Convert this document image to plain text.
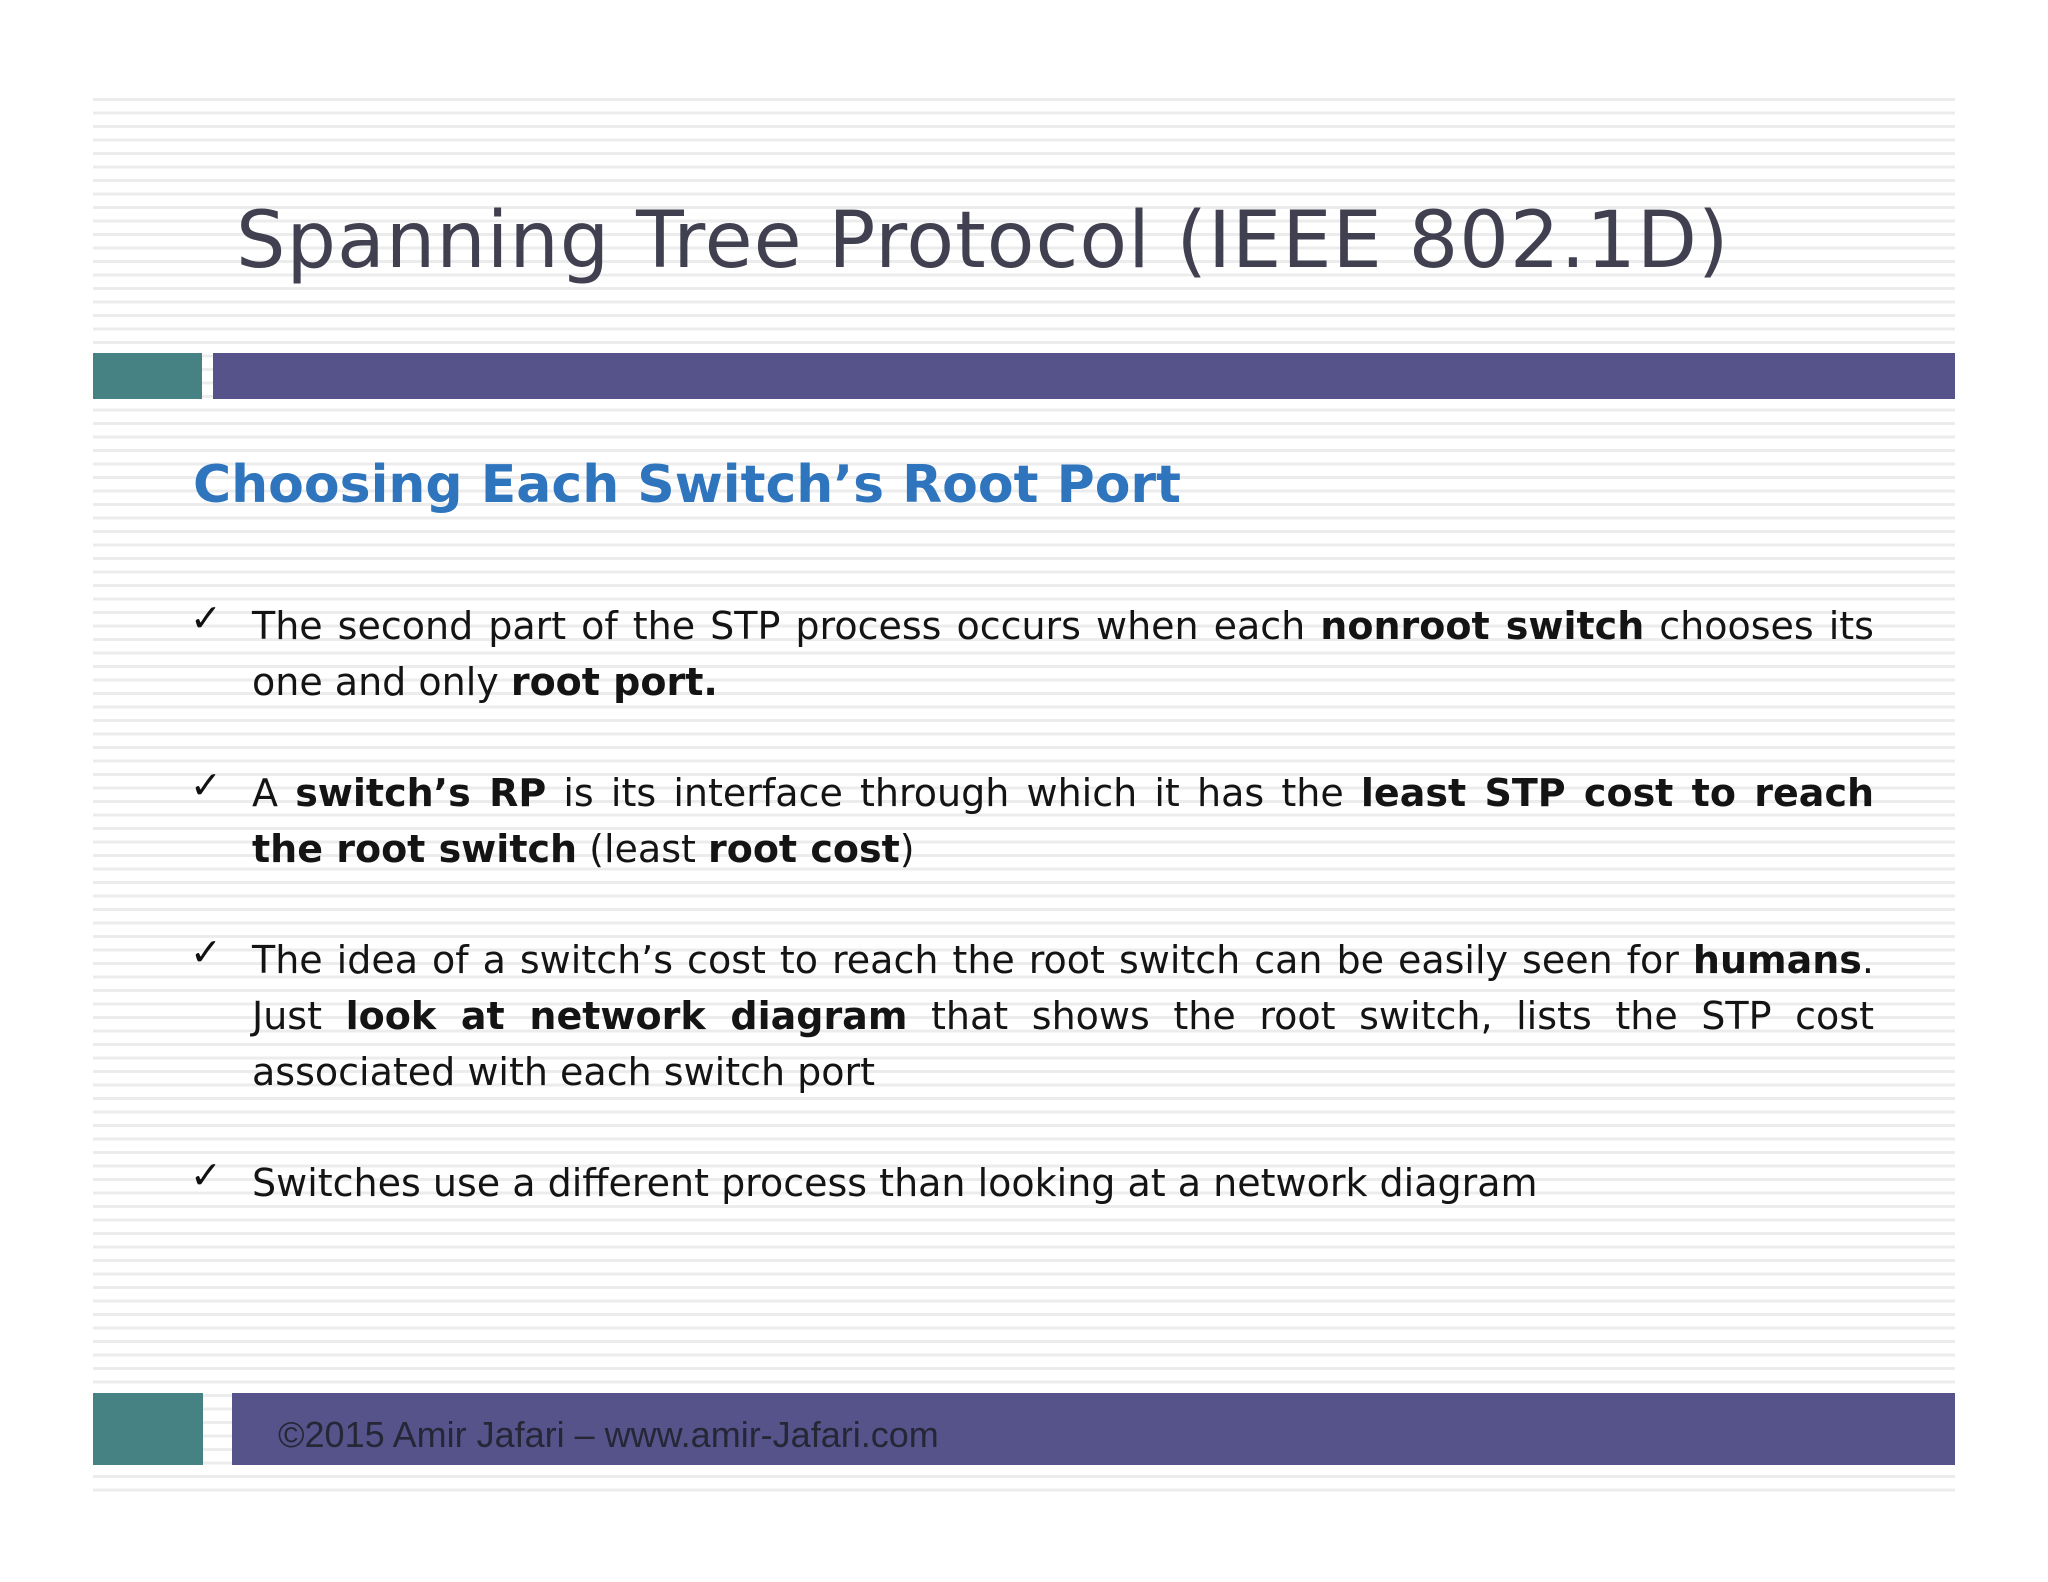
Spanning Tree Protocol (IEEE 802.1D)
Choosing Each Switch’s Root Port
✓ The second part of the STP process occurs when each nonroot switch chooses its one and only root port.
✓ A switch’s RP is its interface through which it has the least STP cost to reach the root switch (least root cost)
✓ The idea of a switch’s cost to reach the root switch can be easily seen for humans. Just look at network diagram that shows the root switch, lists the STP cost associated with each switch port
✓ Switches use a different process than looking at a network diagram
©2015 Amir Jafari – www.amir-Jafari.com
